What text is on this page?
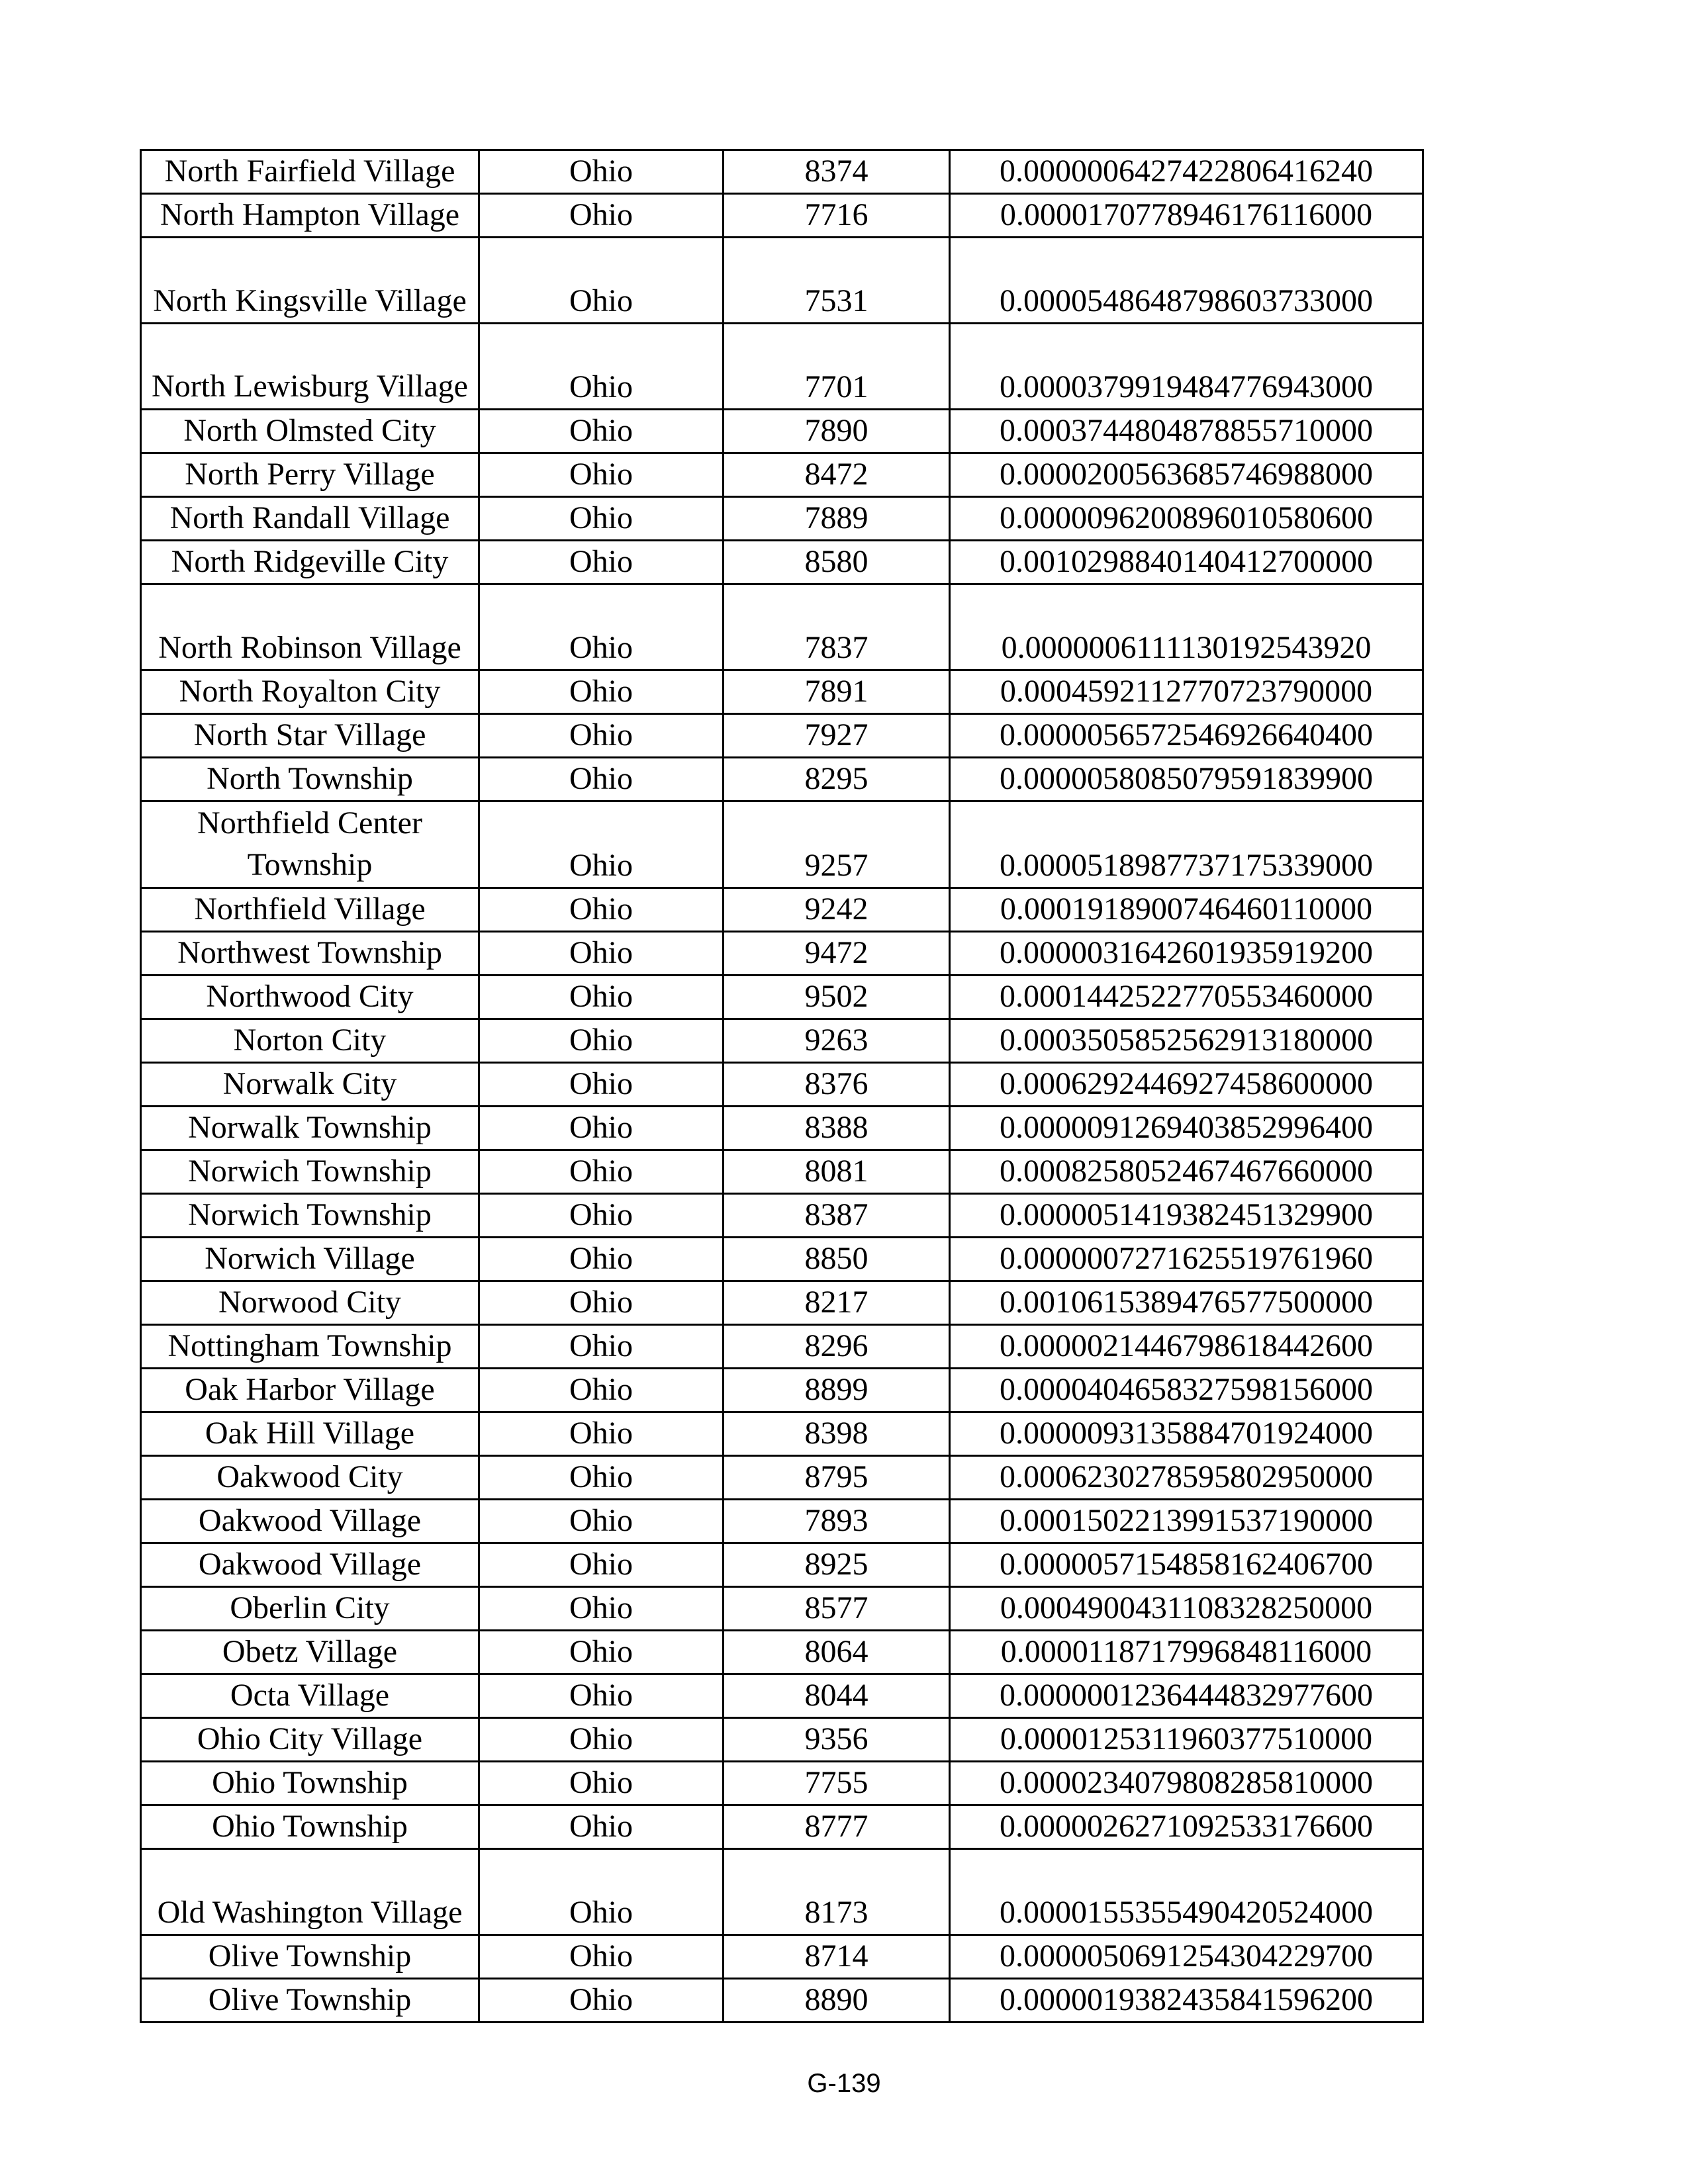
North Fairfield Village	Ohio	8374	0.0000006427422806416240
North Hampton Village	Ohio	7716	0.0000170778946176116000
North Kingsville Village	Ohio	7531	0.0000548648798603733000
North Lewisburg Village	Ohio	7701	0.0000379919484776943000
North Olmsted City	Ohio	7890	0.0003744804878855710000
North Perry Village	Ohio	8472	0.0000200563685746988000
North Randall Village	Ohio	7889	0.0000096200896010580600
North Ridgeville City	Ohio	8580	0.0010298840140412700000
North Robinson Village	Ohio	7837	0.0000006111130192543920
North Royalton City	Ohio	7891	0.0004592112770723790000
North Star Village	Ohio	7927	0.0000056572546926640400
North Township	Ohio	8295	0.0000058085079591839900
Northfield Center Township	Ohio	9257	0.0000518987737175339000
Northfield Village	Ohio	9242	0.0001918900746460110000
Northwest Township	Ohio	9472	0.0000031642601935919200
Northwood City	Ohio	9502	0.0001442522770553460000
Norton City	Ohio	9263	0.0003505852562913180000
Norwalk City	Ohio	8376	0.0006292446927458600000
Norwalk Township	Ohio	8388	0.0000091269403852996400
Norwich Township	Ohio	8081	0.0008258052467467660000
Norwich Township	Ohio	8387	0.0000051419382451329900
Norwich Village	Ohio	8850	0.0000007271625519761960
Norwood City	Ohio	8217	0.0010615389476577500000
Nottingham Township	Ohio	8296	0.0000021446798618442600
Oak Harbor Village	Ohio	8899	0.0000404658327598156000
Oak Hill Village	Ohio	8398	0.0000093135884701924000
Oakwood City	Ohio	8795	0.0006230278595802950000
Oakwood Village	Ohio	7893	0.0001502213991537190000
Oakwood Village	Ohio	8925	0.0000057154858162406700
Oberlin City	Ohio	8577	0.0004900431108328250000
Obetz Village	Ohio	8064	0.0000118717996848116000
Octa Village	Ohio	8044	0.0000001236444832977600
Ohio City Village	Ohio	9356	0.0000125311960377510000
Ohio Township	Ohio	7755	0.0000234079808285810000
Ohio Township	Ohio	8777	0.0000026271092533176600
Old Washington Village	Ohio	8173	0.0000155355490420524000
Olive Township	Ohio	8714	0.0000050691254304229700
Olive Township	Ohio	8890	0.0000019382435841596200
G-139
